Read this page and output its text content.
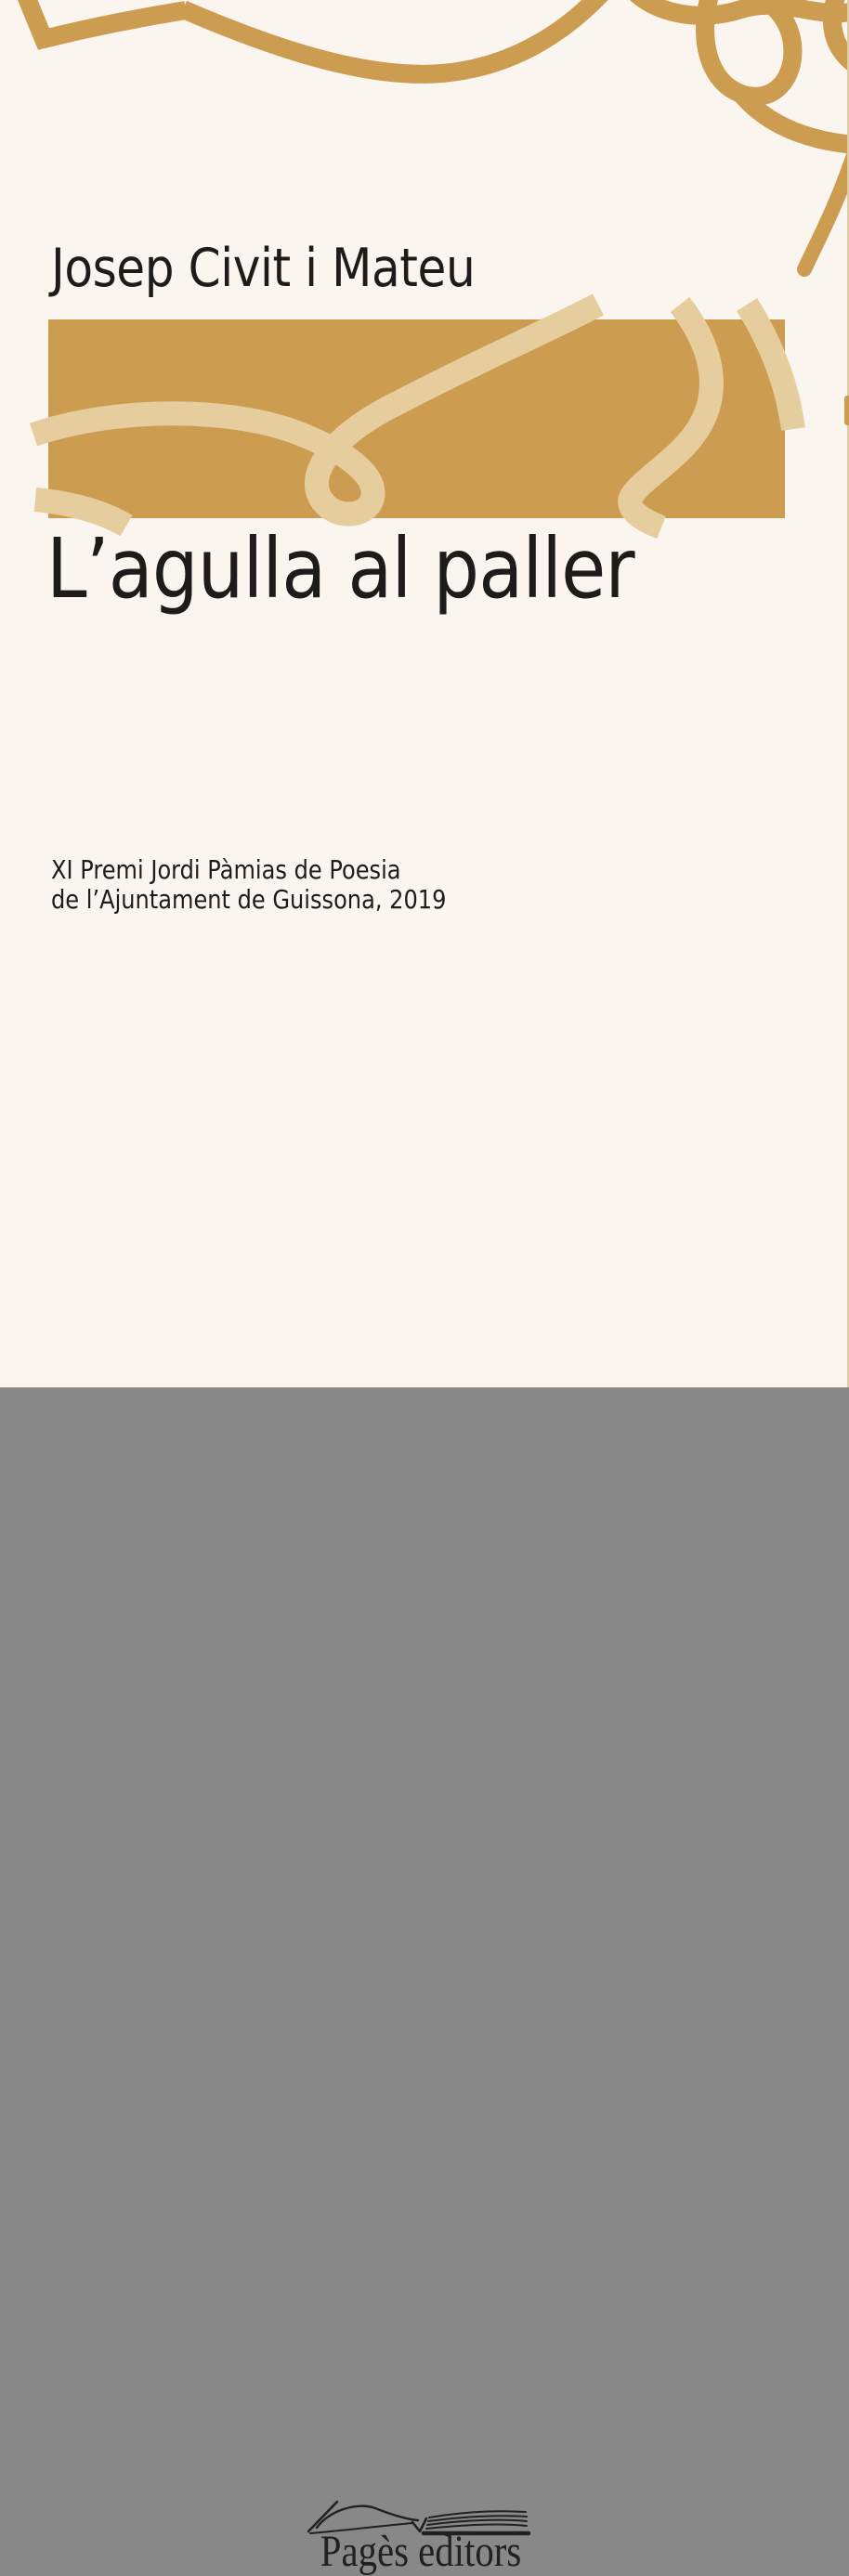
Josep Civit i Mateu
L’agulla al paller
XI Premi Jordi Pàmias de Poesia
de l’Ajuntament de Guissona, 2019
Pagès editors
